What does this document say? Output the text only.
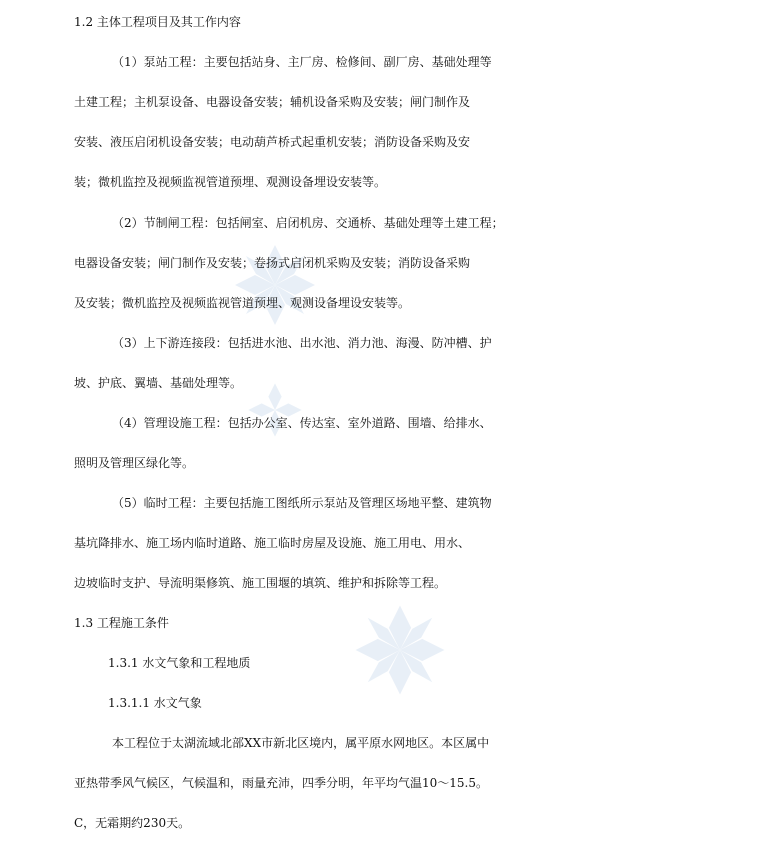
1.2 主体工程项目及其工作内容
（1）泵站工程：主要包括站身、主厂房、检修间、副厂房、基础处理等
土建工程；主机泵设备、电器设备安装；辅机设备采购及安装；闸门制作及
安装、液压启闭机设备安装；电动葫芦桥式起重机安装；消防设备采购及安
装；微机监控及视频监视管道预埋、观测设备埋设安装等。
（2）节制闸工程：包括闸室、启闭机房、交通桥、基础处理等土建工程；
电器设备安装；闸门制作及安装；卷扬式启闭机采购及安装；消防设备采购
及安装；微机监控及视频监视管道预埋、观测设备埋设安装等。
（3）上下游连接段：包括进水池、出水池、消力池、海漫、防冲槽、护
坡、护底、翼墙、基础处理等。
（4）管理设施工程：包括办公室、传达室、室外道路、围墙、给排水、
照明及管理区绿化等。
（5）临时工程：主要包括施工图纸所示泵站及管理区场地平整、建筑物
基坑降排水、施工场内临时道路、施工临时房屋及设施、施工用电、用水、
边坡临时支护、导流明渠修筑、施工围堰的填筑、维护和拆除等工程。
1.3 工程施工条件
1.3.1 水文气象和工程地质
1.3.1.1 水文气象
本工程位于太湖流域北部XX市新北区境内，属平原水网地区。本区属中
亚热带季风气候区，气候温和，雨量充沛，四季分明，年平均气温10～15.5。
C，无霜期约230天。
